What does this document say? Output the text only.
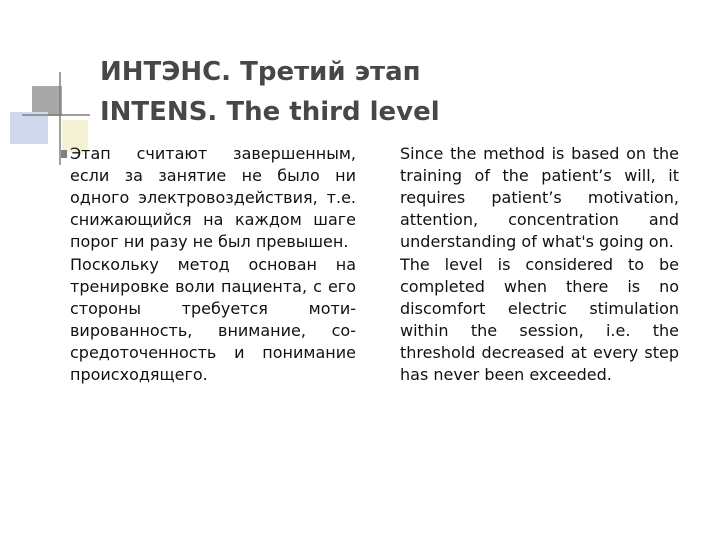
ИНТЭНС. Третий этап
INTENS. The third level

Этап считают завершенным, если за занятие не было ни одного электровоздействия, т.е. снижающийся на каждом шаге порог ни разу не был превышен.

Поскольку метод основан на тренировке воли пациента, с его стороны требуется мотивированность, внимание, сосредоточенность и понимание происходящего.

Since the method is based on the training of the patient’s will, it requires patient’s motivation, attention, concentration and understanding of what's going on.

The level is considered to be completed when there is no discomfort electric stimulation within the session, i.e. the threshold decreased at every step has never been exceeded.
